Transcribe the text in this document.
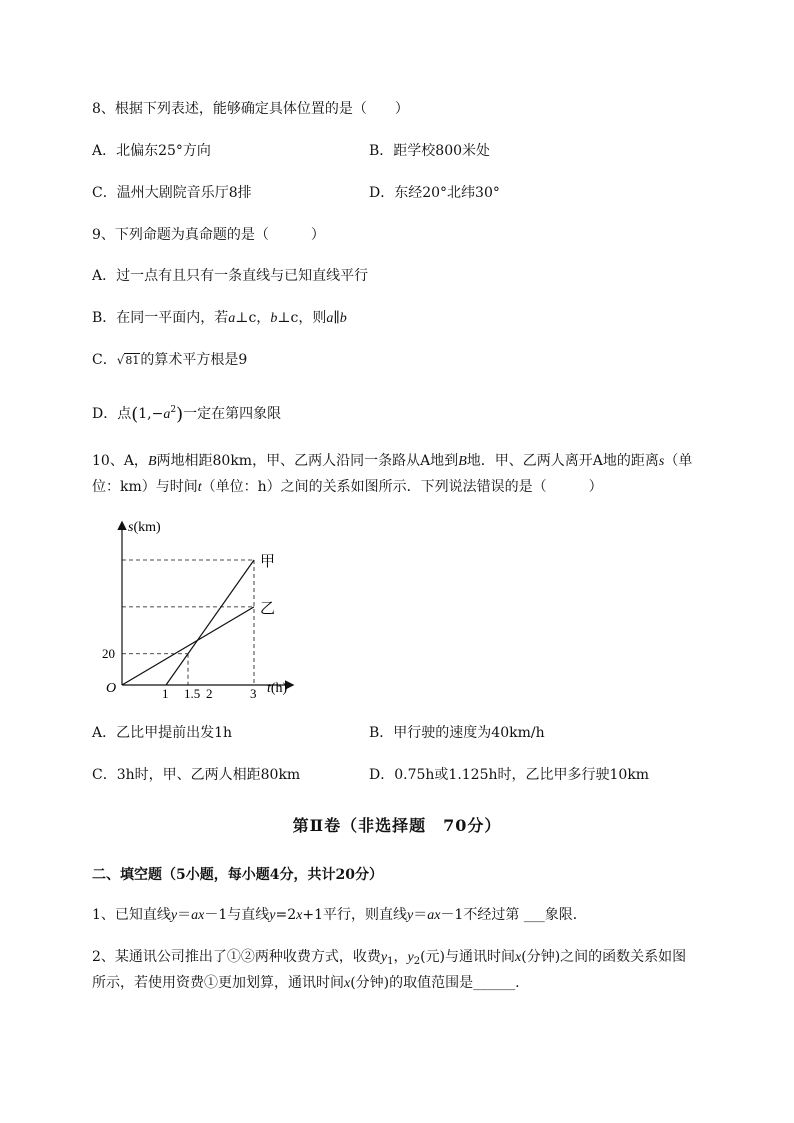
8、根据下列表述，能够确定具体位置的是（　　）
A．北偏东25°方向	B．距学校800米处
C．温州大剧院音乐厅8排	D．东经20°北纬30°
9、下列命题为真命题的是（　　　）
A．过一点有且只有一条直线与已知直线平行
B．在同一平面内，若a⊥c，b⊥c，则a∥b
C．√81的算术平方根是9
D．点$(1,-a^2)$一定在第四象限
10、A，B两地相距80km，甲、乙两人沿同一条路从A地到B地．甲、乙两人离开A地的距离s（单
位：km）与时间t（单位：h）之间的关系如图所示．下列说法错误的是（　　　）
s(km)
t(h)
O
甲
乙
1 1.5 2	3
20
A．乙比甲提前出发1h	B．甲行驶的速度为40km/h
C．3h时，甲、乙两人相距80km	D．0.75h或1.125h时，乙比甲多行驶10km
第Ⅱ卷（非选择题　70分）
二、填空题（5小题，每小题4分，共计20分）
1、已知直线y＝ax－1与直线y=2x+1平行，则直线y＝ax－1不经过第 ___象限．
2、某通讯公司推出了①②两种收费方式，收费$y_1$，$y_2$(元)与通讯时间x(分钟)之间的函数关系如图
所示，若使用资费①更加划算，通讯时间x(分钟)的取值范围是______.
